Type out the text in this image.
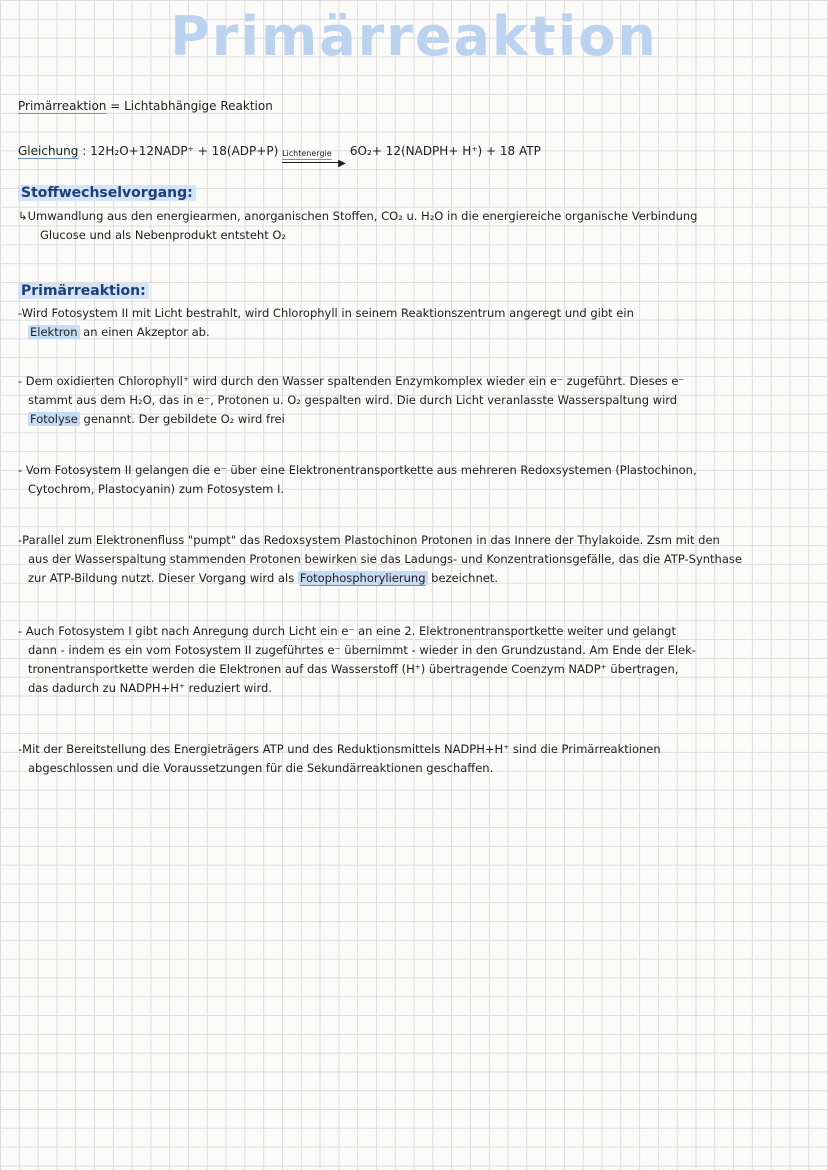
Primärreaktion
Primärreaktion = Lichtabhängige Reaktion
Gleichung : 12H₂O+12NADP⁺ + 18(ADP+P) Lichtenergie
▶
6O₂+ 12(NADPH+ H⁺) + 18 ATP
Stoffwechselvorgang:
↳Umwandlung aus den energiearmen, anorganischen Stoffen, CO₂ u. H₂O in die energiereiche organische Verbindung
Glucose und als Nebenprodukt entsteht O₂
Primärreaktion:
-Wird Fotosystem II mit Licht bestrahlt, wird Chlorophyll in seinem Reaktionszentrum angeregt und gibt ein
Elektron an einen Akzeptor ab.
- Dem oxidierten Chlorophyll⁺ wird durch den Wasser spaltenden Enzymkomplex wieder ein e⁻ zugeführt. Dieses e⁻
stammt aus dem H₂O, das in e⁻, Protonen u. O₂ gespalten wird. Die durch Licht veranlasste Wasserspaltung wird
Fotolyse genannt. Der gebildete O₂ wird frei
- Vom Fotosystem II gelangen die e⁻ über eine Elektronentransportkette aus mehreren Redoxsystemen (Plastochinon,
Cytochrom, Plastocyanin) zum Fotosystem I.
-Parallel zum Elektronenfluss "pumpt" das Redoxsystem Plastochinon Protonen in das Innere der Thylakoide. Zsm mit den
aus der Wasserspaltung stammenden Protonen bewirken sie das Ladungs- und Konzentrationsgefälle, das die ATP-Synthase
zur ATP-Bildung nutzt. Dieser Vorgang wird als Fotophosphorylierung bezeichnet.
- Auch Fotosystem I gibt nach Anregung durch Licht ein e⁻ an eine 2. Elektronentransportkette weiter und gelangt
dann - indem es ein vom Fotosystem II zugeführtes e⁻ übernimmt - wieder in den Grundzustand. Am Ende der Elek-
tronentransportkette werden die Elektronen auf das Wasserstoff (H⁺) übertragende Coenzym NADP⁺ übertragen,
das dadurch zu NADPH+H⁺ reduziert wird.
-Mit der Bereitstellung des Energieträgers ATP und des Reduktionsmittels NADPH+H⁺ sind die Primärreaktionen
abgeschlossen und die Voraussetzungen für die Sekundärreaktionen geschaffen.
